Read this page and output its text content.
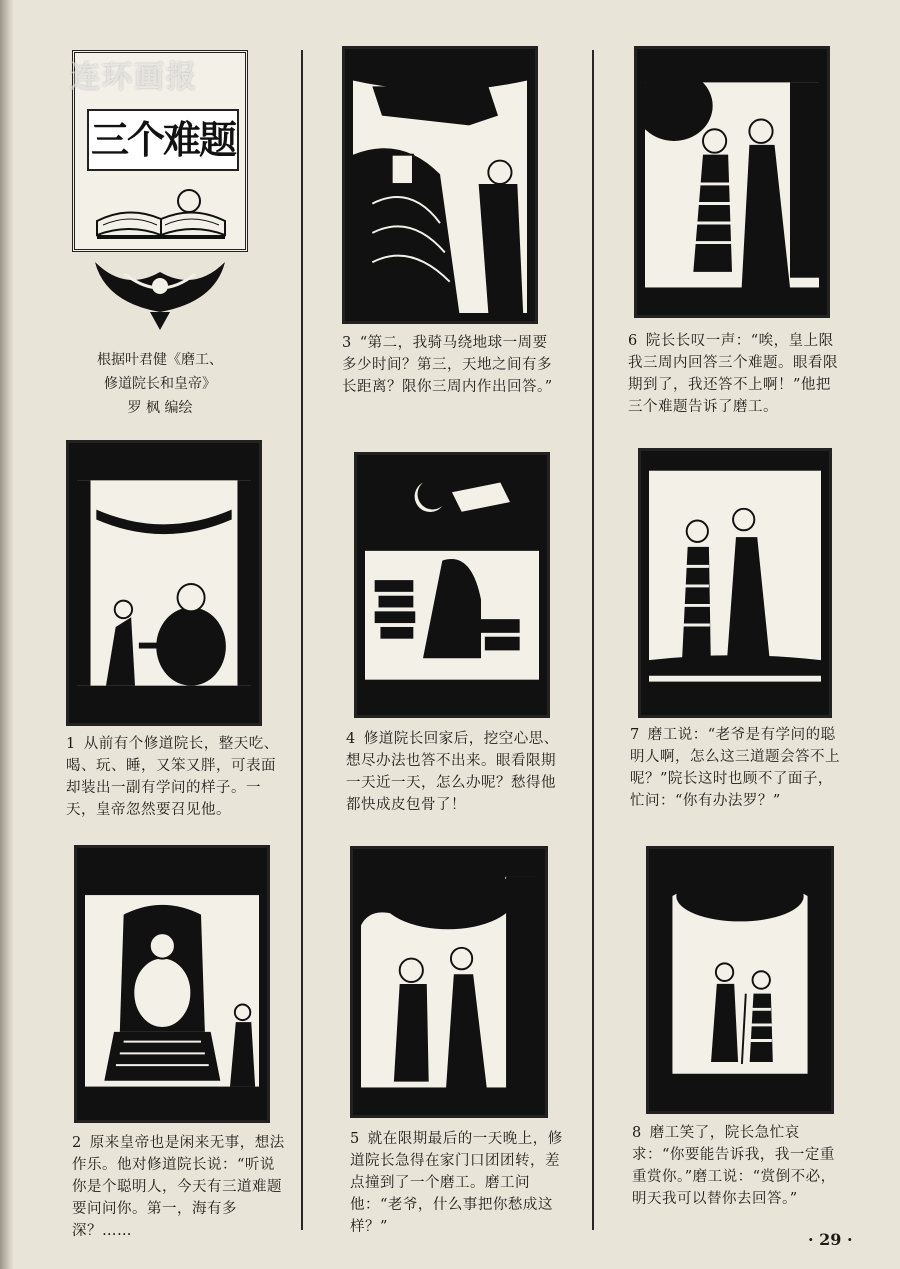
三个难题
连环画报
根据叶君健《磨工、
修道院长和皇帝》
罗 枫 编绘
1 从前有个修道院长，整天吃、喝、玩、睡，又笨又胖，可表面却装出一副有学问的样子。一天，皇帝忽然要召见他。
2 原来皇帝也是闲来无事，想法作乐。他对修道院长说：“听说你是个聪明人，今天有三道难题要问问你。第一，海有多深？……
3 “第二，我骑马绕地球一周要多少时间？第三，天地之间有多长距离？限你三周内作出回答。”
4 修道院长回家后，挖空心思、想尽办法也答不出来。眼看限期一天近一天，怎么办呢？愁得他都快成皮包骨了！
5 就在限期最后的一天晚上，修道院长急得在家门口团团转，差点撞到了一个磨工。磨工问他：“老爷，什么事把你愁成这样？”
6 院长长叹一声：“唉，皇上限我三周内回答三个难题。眼看限期到了，我还答不上啊！”他把三个难题告诉了磨工。
7 磨工说：“老爷是有学问的聪明人啊，怎么这三道题会答不上呢？”院长这时也顾不了面子，忙问：“你有办法罗？”
8 磨工笑了，院长急忙哀求：“你要能告诉我，我一定重重赏你。”磨工说：“赏倒不必，明天我可以替你去回答。”
· 29 ·
